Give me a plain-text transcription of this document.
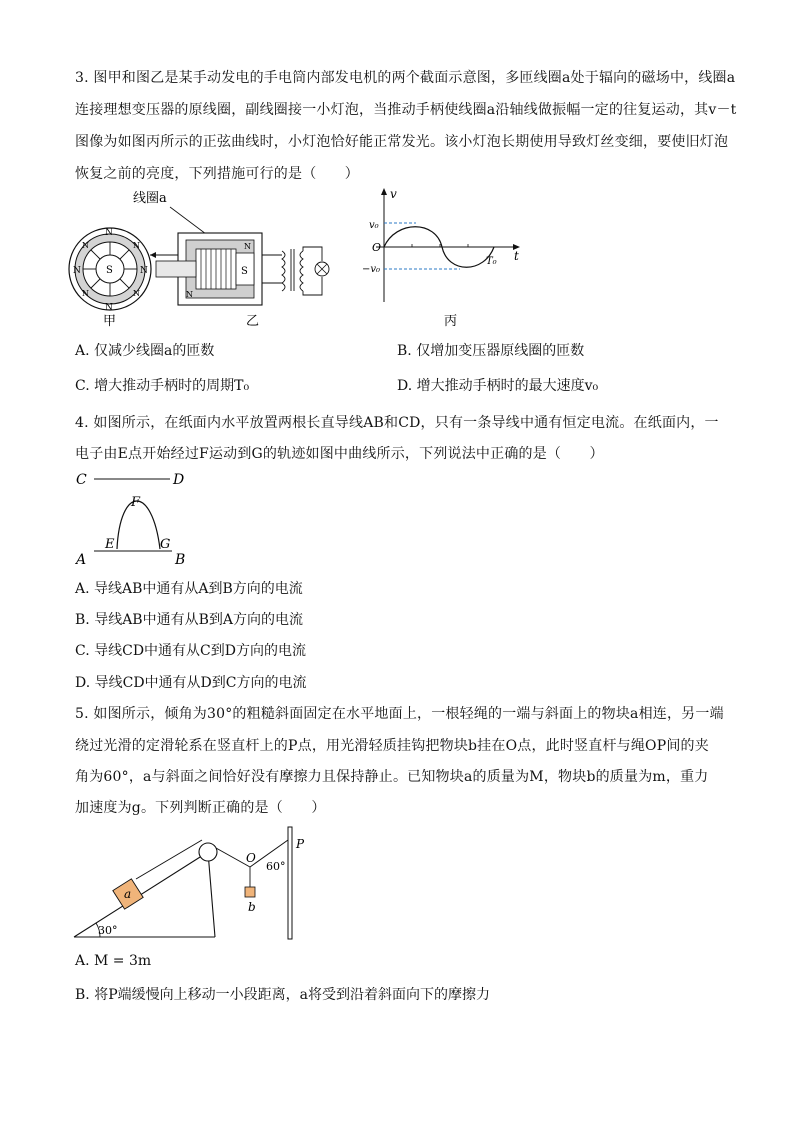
3. 图甲和图乙是某手动发电的手电筒内部发电机的两个截面示意图，多匝线圈a处于辐向的磁场中，线圈a
连接理想变压器的原线圈，副线圈接一小灯泡，当推动手柄使线圈a沿轴线做振幅一定的往复运动，其v－t
图像为如图丙所示的正弦曲线时，小灯泡恰好能正常发光。该小灯泡长期使用导致灯丝变细，要使旧灯泡
恢复之前的亮度，下列措施可行的是（　　）
S
N
N
N	N
N	N
N	N
甲
线圈a
S
N
N
乙
v
t
O
v₀
−v₀
T₀
丙
A. 仅减少线圈a的匝数	B. 仅增加变压器原线圈的匝数
C. 增大推动手柄时的周期T₀	D. 增大推动手柄时的最大速度v₀
4. 如图所示，在纸面内水平放置两根长直导线AB和CD，只有一条导线中通有恒定电流。在纸面内，一
电子由E点开始经过F运动到G的轨迹如图中曲线所示，下列说法中正确的是（　　）
C	D
A	B
E
F
G
A. 导线AB中通有从A到B方向的电流
B. 导线AB中通有从B到A方向的电流
C. 导线CD中通有从C到D方向的电流
D. 导线CD中通有从D到C方向的电流
5. 如图所示，倾角为30°的粗糙斜面固定在水平地面上，一根轻绳的一端与斜面上的物块a相连，另一端
绕过光滑的定滑轮系在竖直杆上的P点，用光滑轻质挂钩把物块b挂在O点，此时竖直杆与绳OP间的夹
角为60°，a与斜面之间恰好没有摩擦力且保持静止。已知物块a的质量为M，物块b的质量为m，重力
加速度为g。下列判断正确的是（　　）
30°
a
b
O
P
60°
A. M = 3m
B. 将P端缓慢向上移动一小段距离，a将受到沿着斜面向下的摩擦力
